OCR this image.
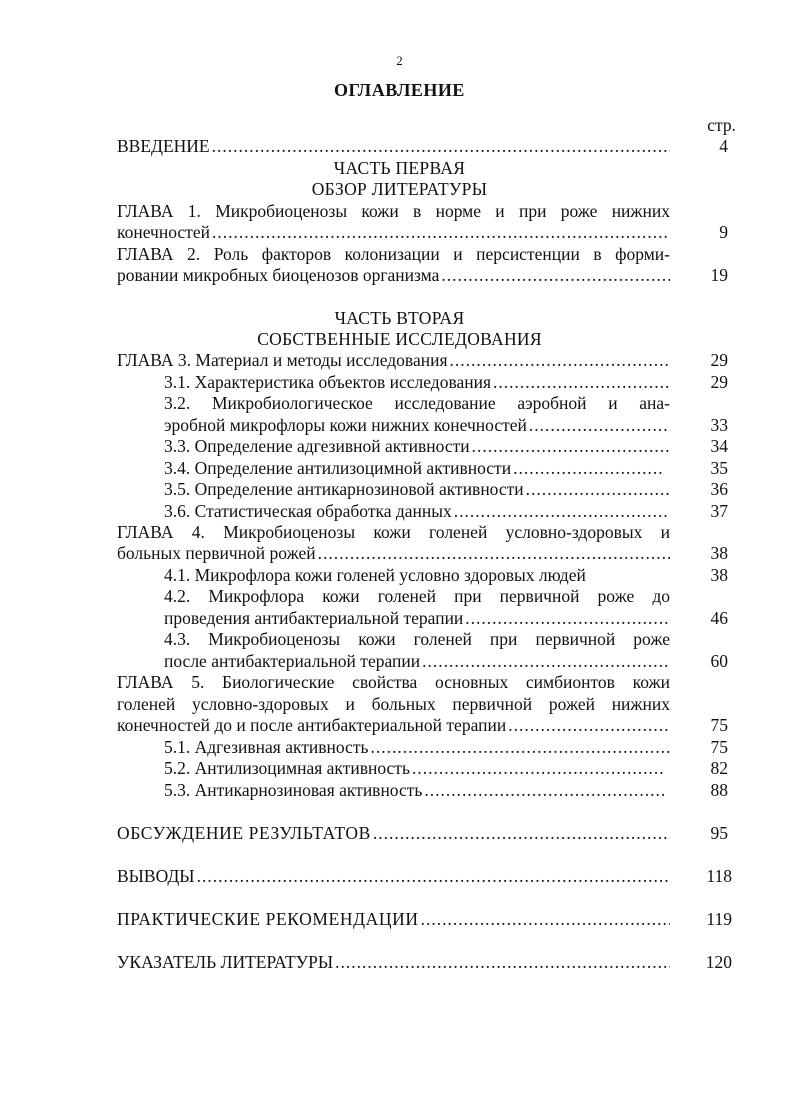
2
ОГЛАВЛЕНИЕ
стр.
ВВЕДЕНИЕ .....	4
ЧАСТЬ ПЕРВАЯ
ОБЗОР ЛИТЕРАТУРЫ
ГЛАВА 1. Микробиоценозы кожи в норме и при роже нижних
конечностей .....	9
ГЛАВА 2. Роль факторов колонизации и персистенции в форми-
ровании микробных биоценозов организма .....	19
ЧАСТЬ ВТОРАЯ
СОБСТВЕННЫЕ ИССЛЕДОВАНИЯ
ГЛАВА 3. Материал и методы исследования .....	29
3.1. Характеристика объектов исследования .....	29
3.2. Микробиологическое исследование аэробной и ана-
эробной микрофлоры кожи нижних конечностей .....	33
3.3. Определение адгезивной активности .....	34
3.4. Определение антилизоцимной активности .....	35
3.5. Определение антикарнозиновой активности .....	36
3.6. Статистическая обработка данных .....	37
ГЛАВА 4. Микробиоценозы кожи голеней условно-здоровых и
больных первичной рожей .....	38
4.1. Микрофлора кожи голеней условно здоровых людей	38
4.2. Микрофлора кожи голеней при первичной роже до
проведения антибактериальной терапии .....	46
4.3. Микробиоценозы кожи голеней при первичной роже
после антибактериальной терапии .....	60
ГЛАВА 5. Биологические свойства основных симбионтов кожи
голеней условно-здоровых и больных первичной рожей нижних
конечностей до и после антибактериальной терапии .....	75
5.1. Адгезивная активность .....	75
5.2. Антилизоцимная активность .....	82
5.3. Антикарнозиновая активность .....	88
ОБСУЖДЕНИЕ РЕЗУЛЬТАТОВ .....	95
ВЫВОДЫ .....	118
ПРАКТИЧЕСКИЕ РЕКОМЕНДАЦИИ .....	119
УКАЗАТЕЛЬ ЛИТЕРАТУРЫ .....	120
